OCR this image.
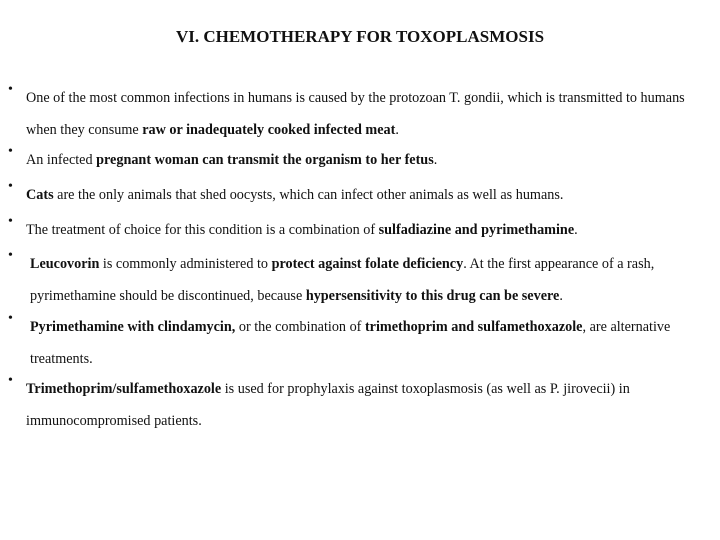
VI. CHEMOTHERAPY FOR TOXOPLASMOSIS
•
One of the most common infections in humans is caused by the protozoan T. gondii, which is transmitted to humans when they consume raw or inadequately cooked infected meat.
•
An infected pregnant woman can transmit the organism to her fetus.
•
Cats are the only animals that shed oocysts, which can infect other animals as well as humans.
•
The treatment of choice for this condition is a combination of sulfadiazine and pyrimethamine.
•
Leucovorin is commonly administered to protect against folate deficiency. At the first appearance of a rash, pyrimethamine should be discontinued, because hypersensitivity to this drug can be severe.
•
Pyrimethamine with clindamycin, or the combination of trimethoprim and sulfamethoxazole, are alternative treatments.
•
Trimethoprim/sulfamethoxazole is used for prophylaxis against toxoplasmosis (as well as P. jirovecii) in immunocompromised patients.
